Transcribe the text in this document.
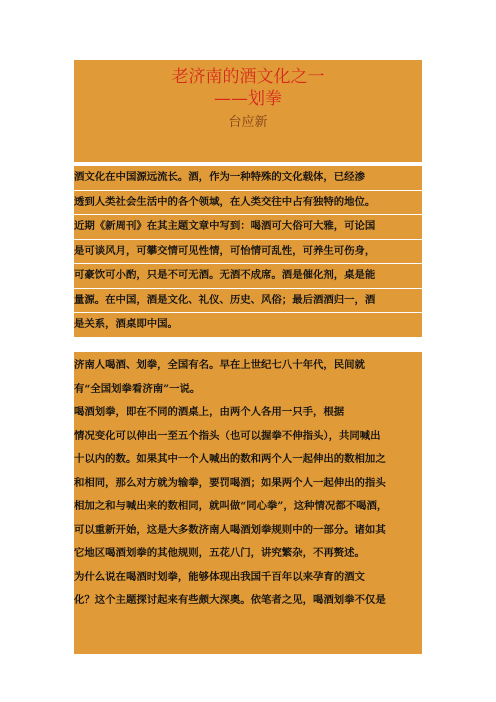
老济南的酒文化之一
——划拳
台应新
酒文化在中国源远流长。酒，作为一种特殊的文化载体，已经渗
透到人类社会生活中的各个领域，在人类交往中占有独特的地位。
近期《新周刊》在其主题文章中写到：喝酒可大俗可大雅，可论国
是可谈风月，可攀交情可见性情，可怡情可乱性，可养生可伤身，
可豪饮可小酌，只是不可无酒。无酒不成席。酒是催化剂，桌是能
量源。在中国，酒是文化、礼仪、历史、风俗；最后酒酒归一，酒
是关系，酒桌即中国。
济南人喝酒、划拳，全国有名。早在上世纪七八十年代，民间就
有“全国划拳看济南”一说。
喝酒划拳，即在不同的酒桌上，由两个人各用一只手，根据
情况变化可以伸出一至五个指头（也可以握拳不伸指头），共同喊出
十以内的数。如果其中一个人喊出的数和两个人一起伸出的数相加之
和相同，那么对方就为输拳，要罚喝酒；如果两个人一起伸出的指头
相加之和与喊出来的数相同，就叫做“同心拳”，这种情况都不喝酒，
可以重新开始，这是大多数济南人喝酒划拳规则中的一部分。诸如其
它地区喝酒划拳的其他规则，五花八门，讲究繁杂，不再赘述。
为什么说在喝酒时划拳，能够体现出我国千百年以来孕育的酒文
化？这个主题探讨起来有些颇大深奥。依笔者之见，喝酒划拳不仅是
